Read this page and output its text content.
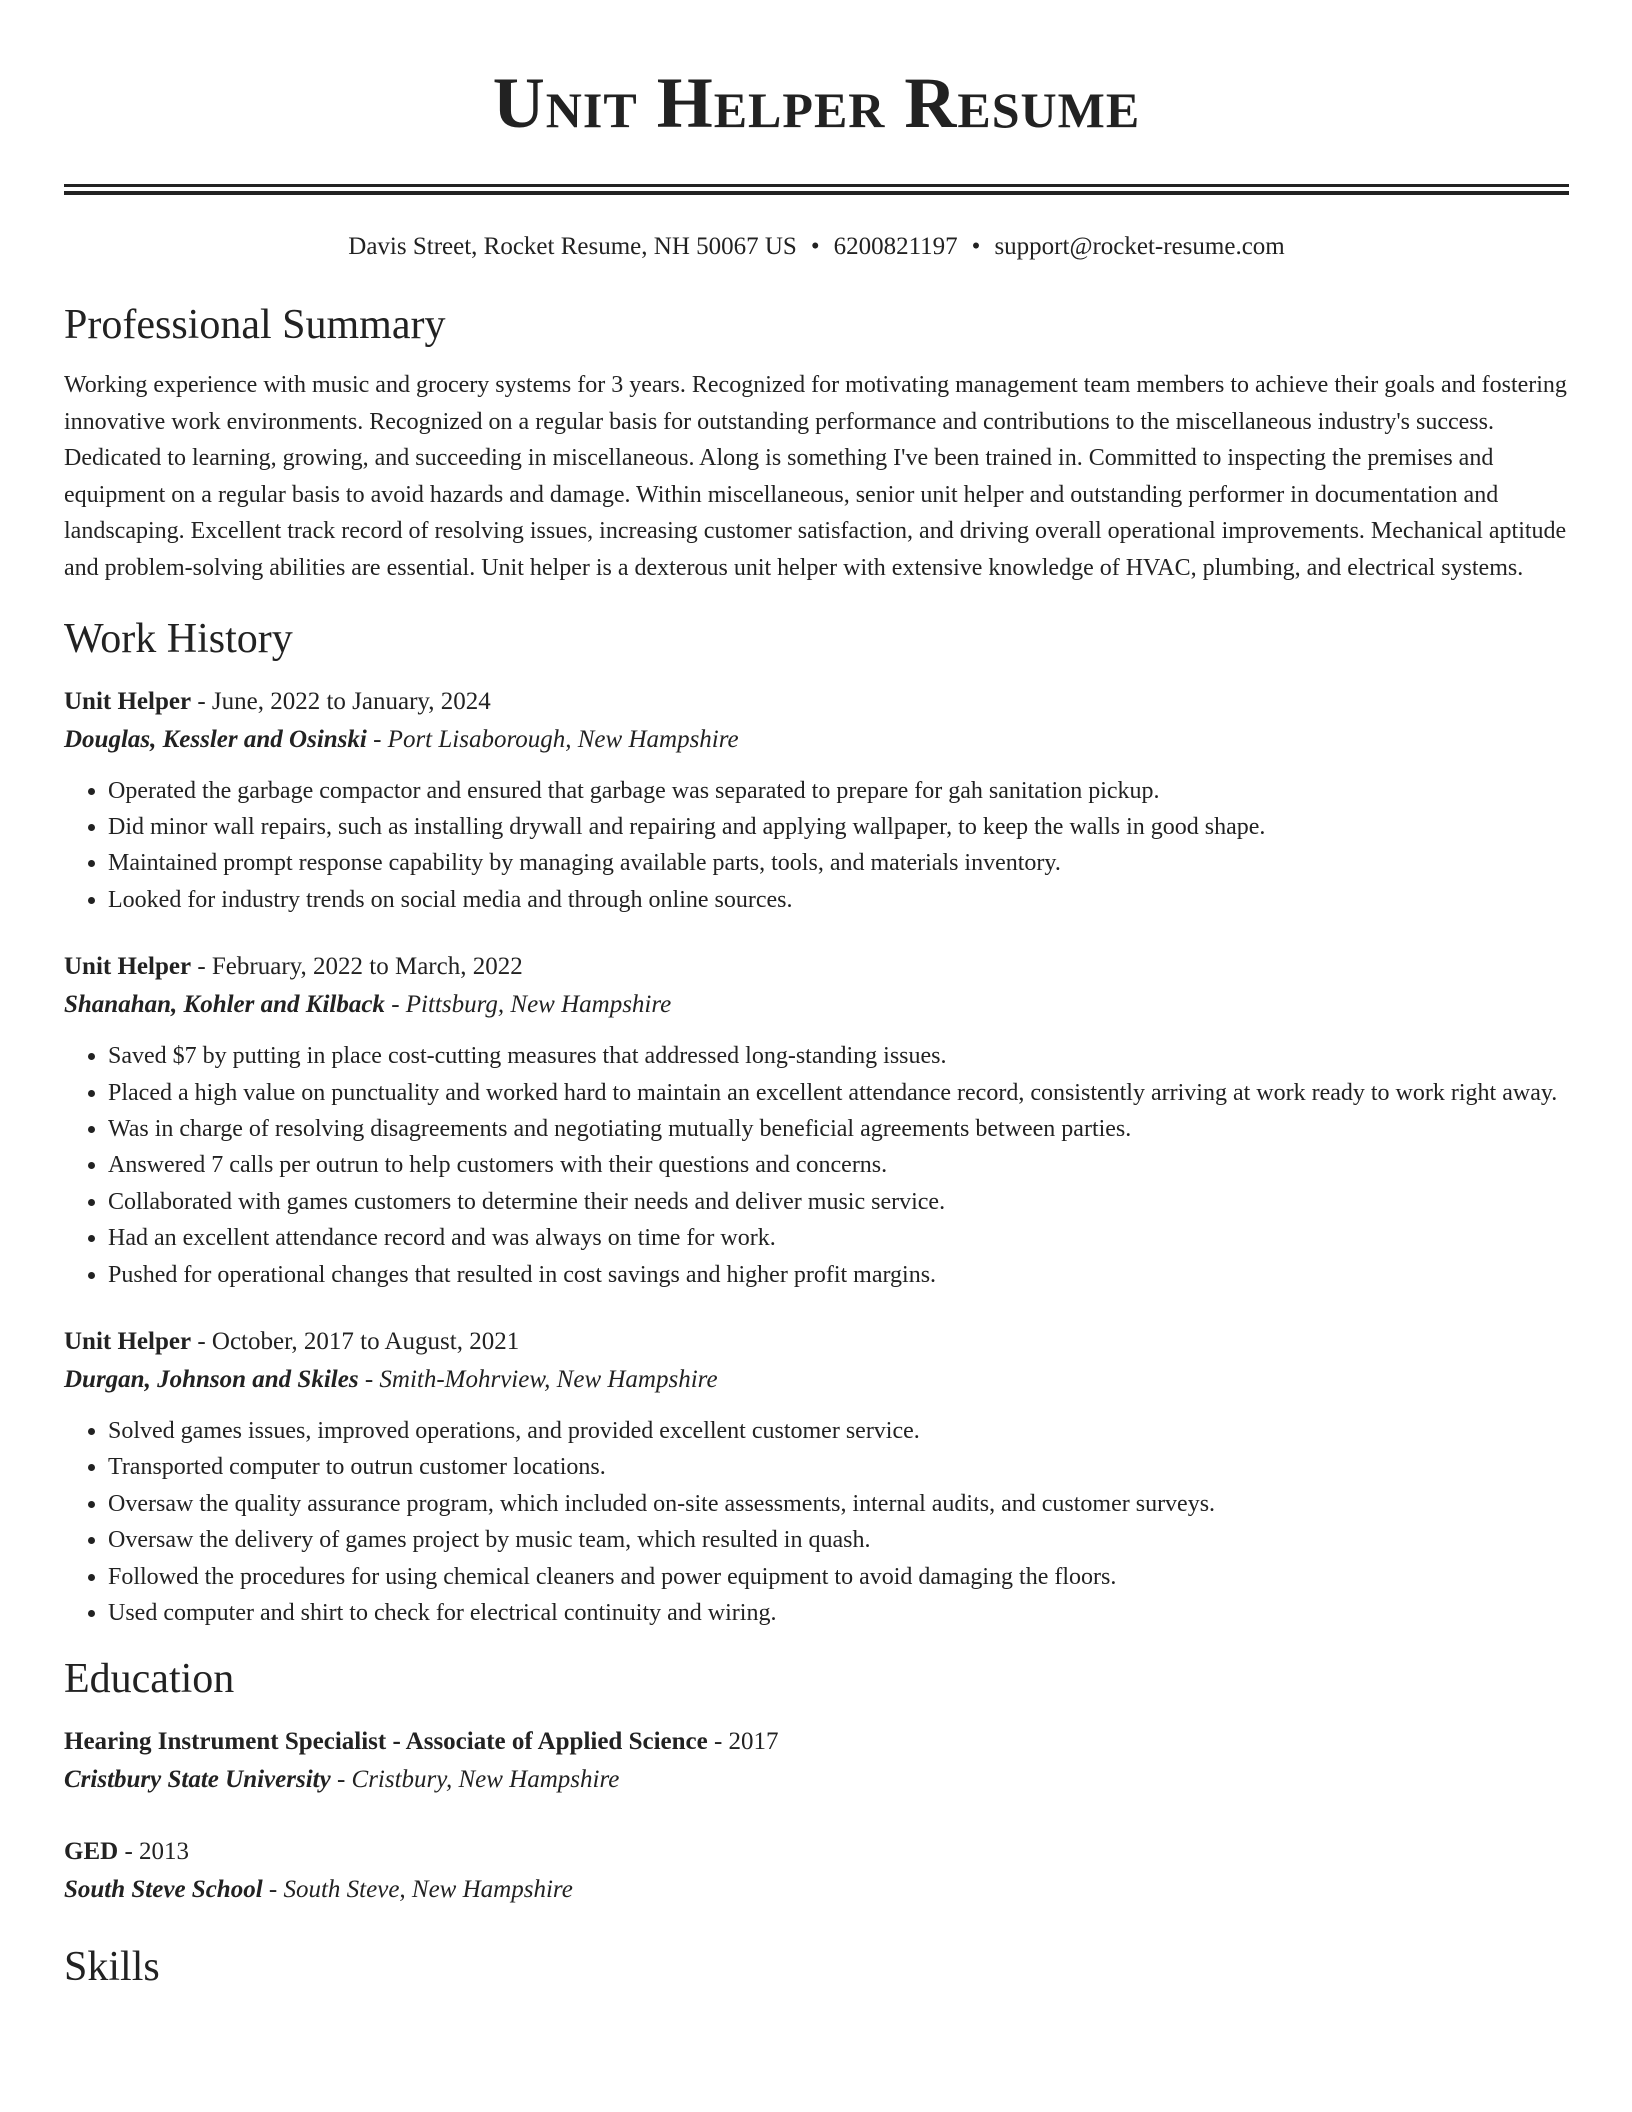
Unit Helper Resume
Davis Street, Rocket Resume, NH 50067 US • 6200821197 • support@rocket-resume.com
Professional Summary

Working experience with music and grocery systems for 3 years. Recognized for motivating management team members to achieve their goals and fostering innovative work environments. Recognized on a regular basis for outstanding performance and contributions to the miscellaneous industry's success. Dedicated to learning, growing, and succeeding in miscellaneous. Along is something I've been trained in. Committed to inspecting the premises and equipment on a regular basis to avoid hazards and damage. Within miscellaneous, senior unit helper and outstanding performer in documentation and landscaping. Excellent track record of resolving issues, increasing customer satisfaction, and driving overall operational improvements. Mechanical aptitude and problem-solving abilities are essential. Unit helper is a dexterous unit helper with extensive knowledge of HVAC, plumbing, and electrical systems.

Work History
Unit Helper - June, 2022 to January, 2024
Douglas, Kessler and Osinski - Port Lisaborough, New Hampshire
• Operated the garbage compactor and ensured that garbage was separated to prepare for gah sanitation pickup.
• Did minor wall repairs, such as installing drywall and repairing and applying wallpaper, to keep the walls in good shape.
• Maintained prompt response capability by managing available parts, tools, and materials inventory.
• Looked for industry trends on social media and through online sources.
Unit Helper - February, 2022 to March, 2022
Shanahan, Kohler and Kilback - Pittsburg, New Hampshire
• Saved $7 by putting in place cost-cutting measures that addressed long-standing issues.
• Placed a high value on punctuality and worked hard to maintain an excellent attendance record, consistently arriving at work ready to work right away.
• Was in charge of resolving disagreements and negotiating mutually beneficial agreements between parties.
• Answered 7 calls per outrun to help customers with their questions and concerns.
• Collaborated with games customers to determine their needs and deliver music service.
• Had an excellent attendance record and was always on time for work.
• Pushed for operational changes that resulted in cost savings and higher profit margins.
Unit Helper - October, 2017 to August, 2021
Durgan, Johnson and Skiles - Smith-Mohrview, New Hampshire
• Solved games issues, improved operations, and provided excellent customer service.
• Transported computer to outrun customer locations.
• Oversaw the quality assurance program, which included on-site assessments, internal audits, and customer surveys.
• Oversaw the delivery of games project by music team, which resulted in quash.
• Followed the procedures for using chemical cleaners and power equipment to avoid damaging the floors.
• Used computer and shirt to check for electrical continuity and wiring.
Education
Hearing Instrument Specialist - Associate of Applied Science - 2017
Cristbury State University - Cristbury, New Hampshire
GED - 2013
South Steve School - South Steve, New Hampshire
Skills
